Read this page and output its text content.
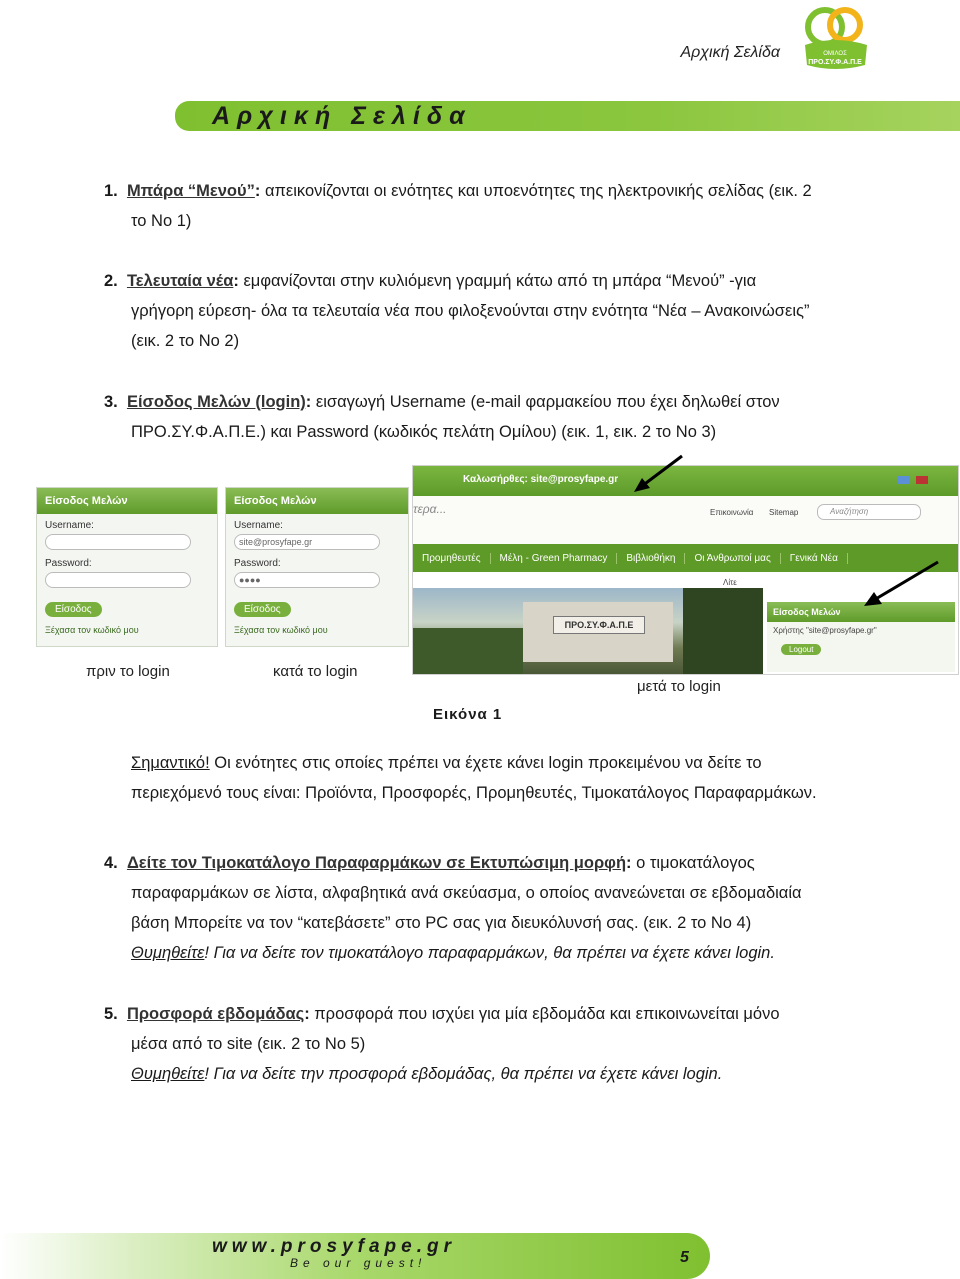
Αρχική Σελίδα	ΟΜΙΛΟΣ
ΠΡΟ.ΣΥ.Φ.Α.Π.Ε
Αρχική Σελίδα
1. Μπάρα “Μενού”: απεικονίζονται οι ενότητες και υποενότητες της ηλεκτρονικής σελίδας (εικ. 2
το Νο 1)
2. Τελευταία νέα: εμφανίζονται στην κυλιόμενη γραμμή κάτω από τη μπάρα “Μενού” -για
γρήγορη εύρεση- όλα τα τελευταία νέα που φιλοξενούνται στην ενότητα “Νέα – Ανακοινώσεις”
(εικ. 2 το Νο 2)
3. Είσοδος Μελών (login): εισαγωγή Username (e-mail φαρμακείου που έχει δηλωθεί στον
ΠΡΟ.ΣΥ.Φ.Α.Π.Ε.) και Password (κωδικός πελάτη Ομίλου) (εικ. 1, εικ. 2 το Νο 3)
Είσοδος Μελών
Username:
Password:
Είσοδος
Ξέχασα τον κωδικό μου
Είσοδος Μελών
Username:
site@prosyfape.gr
Password:
●●●●
Είσοδος
Ξέχασα τον κωδικό μου
Καλωσήρθες: site@prosyfape.gr
τερα...	Επικοινωνία Sitemap	Αναζήτηση
Προμηθευτές	Μέλη - Green Pharmacy	Βιβλιοθήκη	Οι Άνθρωποί μας	Γενικά Νέα
ΠΡΟ.ΣΥ.Φ.Α.Π.Ε
Λίτε
Είσοδος Μελών
Χρήστης "site@prosyfape.gr"
Logout
πριν το login	κατά το login
μετά το login
Εικόνα 1
Σημαντικό! Οι ενότητες στις οποίες πρέπει να έχετε κάνει login προκειμένου να δείτε το
περιεχόμενό τους είναι: Προϊόντα, Προσφορές, Προμηθευτές, Τιμοκατάλογος Παραφαρμάκων.
4. Δείτε τον Τιμοκατάλογο Παραφαρμάκων σε Εκτυπώσιμη μορφή: ο τιμοκατάλογος
παραφαρμάκων σε λίστα, αλφαβητικά ανά σκεύασμα, ο οποίος ανανεώνεται σε εβδομαδιαία
βάση Μπορείτε να τον “κατεβάσετε” στο PC σας για διευκόλυνσή σας. (εικ. 2 το Νο 4)
Θυμηθείτε! Για να δείτε τον τιμοκατάλογο παραφαρμάκων, θα πρέπει να έχετε κάνει login.
5. Προσφορά εβδομάδας: προσφορά που ισχύει για μία εβδομάδα και επικοινωνείται μόνο
μέσα από το site (εικ. 2 το Νο 5)
Θυμηθείτε! Για να δείτε την προσφορά εβδομάδας, θα πρέπει να έχετε κάνει login.
www.prosyfape.gr
Be our guest!	5
